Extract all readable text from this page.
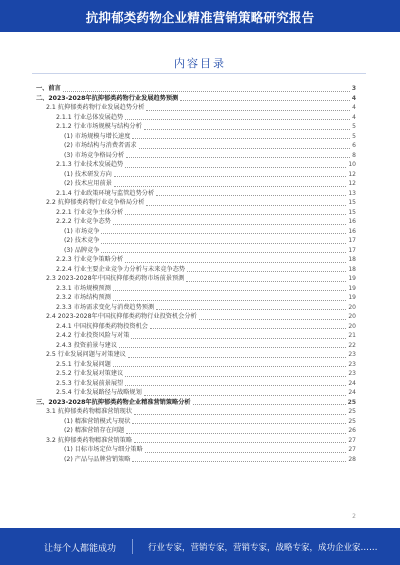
抗抑郁类药物企业精准营销策略研究报告
内容目录
一、前言	3
二、2023-2028年抗抑郁类药物行业发展趋势预测	4
2.1 抗抑郁类药物行业发展趋势分析	4
2.1.1 行业总体发展趋势	4
2.1.2 行业市场规模与结构分析	5
(1) 市场规模与增长速度	5
(2) 市场结构与消费者需求	6
(3) 市场竞争格局分析	8
2.1.3 行业技术发展趋势	10
(1) 技术研发方向	12
(2) 技术应用前景	12
2.1.4 行业政策环境与监管趋势分析	13
2.2 抗抑郁类药物行业竞争格局分析	15
2.2.1 行业竞争主体分析	15
2.2.2 行业竞争态势	16
(1) 市场竞争	16
(2) 技术竞争	17
(3) 品牌竞争	17
2.2.3 行业竞争策略分析	18
2.2.4 行业主要企业竞争力分析与未来竞争态势	18
2.3 2023-2028年中国抗抑郁类药物市场前景预测	19
2.3.1 市场规模预测	19
2.3.2 市场结构预测	19
2.3.3 市场需求变化与消费趋势预测	20
2.4 2023-2028年中国抗抑郁类药物行业投资机会分析	20
2.4.1 中国抗抑郁类药物投资机会	20
2.4.2 行业投资风险与对策	21
2.4.3 投资前景与建议	22
2.5 行业发展问题与对策建议	23
2.5.1 行业发展问题	23
2.5.2 行业发展对策建议	23
2.5.3 行业发展前景展望	24
2.5.4 行业发展路径与战略规划	24
三、2023-2028年抗抑郁类药物企业精准营销策略分析	25
3.1 抗抑郁类药物精准营销现状	25
(1) 精准营销模式与现状	25
(2) 精准营销存在问题	26
3.2 抗抑郁类药物精准营销策略	27
(1) 目标市场定位与细分策略	27
(2) 产品与品牌营销策略	28
2
让每个人都能成功	行业专家，营销专家，营销专家，战略专家，成功企业家……
